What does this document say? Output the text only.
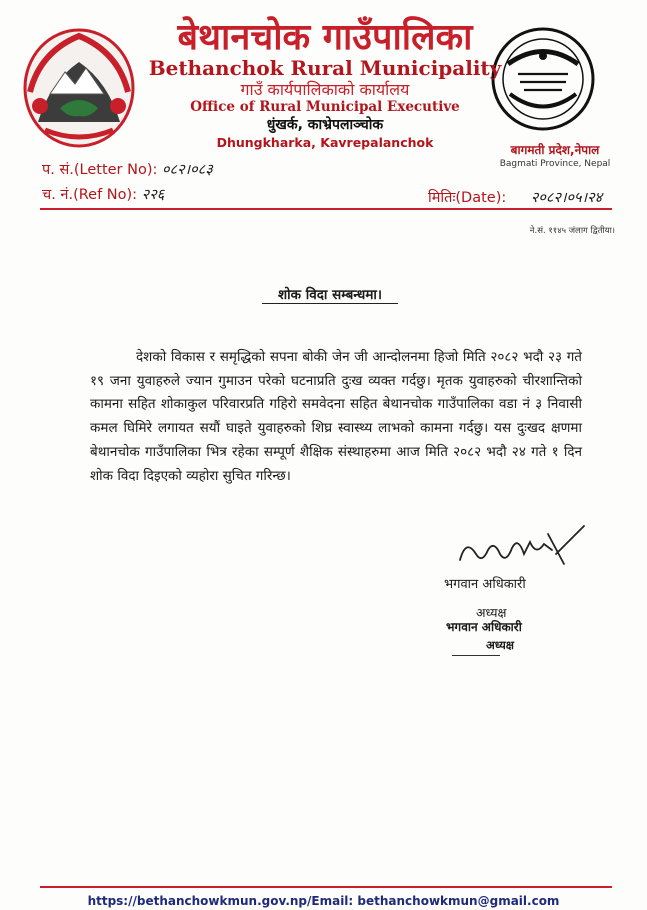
बेथानचोक गाउँपालिका
Bethanchok Rural Municipality
गाउँ कार्यपालिकाको कार्यालय
Office of Rural Municipal Executive
धुंखर्क, काभ्रेपलाञ्चोक
Dhungkharka, Kavrepalanchok	बागमती प्रदेश,नेपाल
Bagmati Province, Nepal
प. सं.(Letter No): ०८२।०८३
च. नं.(Ref No): २२६	मितिः(Date): २०८२।०५।२४
ने.सं. ११४५ जंलाग द्वितीया।
शोक विदा सम्बन्धमा।
देशको विकास र समृद्धिको सपना बोकी जेन जी आन्दोलनमा हिजो मिति २०८२ भदौ २३ गते १९ जना युवाहरुले ज्यान गुमाउन परेको घटनाप्रति दुःख व्यक्त गर्दछु। मृतक युवाहरुको चीरशान्तिको कामना सहित शोकाकुल परिवारप्रति गहिरो समवेदना सहित बेथानचोक गाउँपालिका वडा नं ३ निवासी कमल घिमिरे लगायत सयौं घाइते युवाहरुको शिघ्र स्वास्थ्य लाभको कामना गर्दछु। यस दुःखद क्षणमा बेथानचोक गाउँपालिका भित्र रहेका सम्पूर्ण शैक्षिक संस्थाहरुमा आज मिति २०८२ भदौ २४ गते १ दिन शोक विदा दिइएको व्यहोरा सुचित गरिन्छ।
भगवान अधिकारी
अध्यक्ष
भगवान अधिकारी
अध्यक्ष
https://bethanchowkmun.gov.np/Email: bethanchowkmun@gmail.com
